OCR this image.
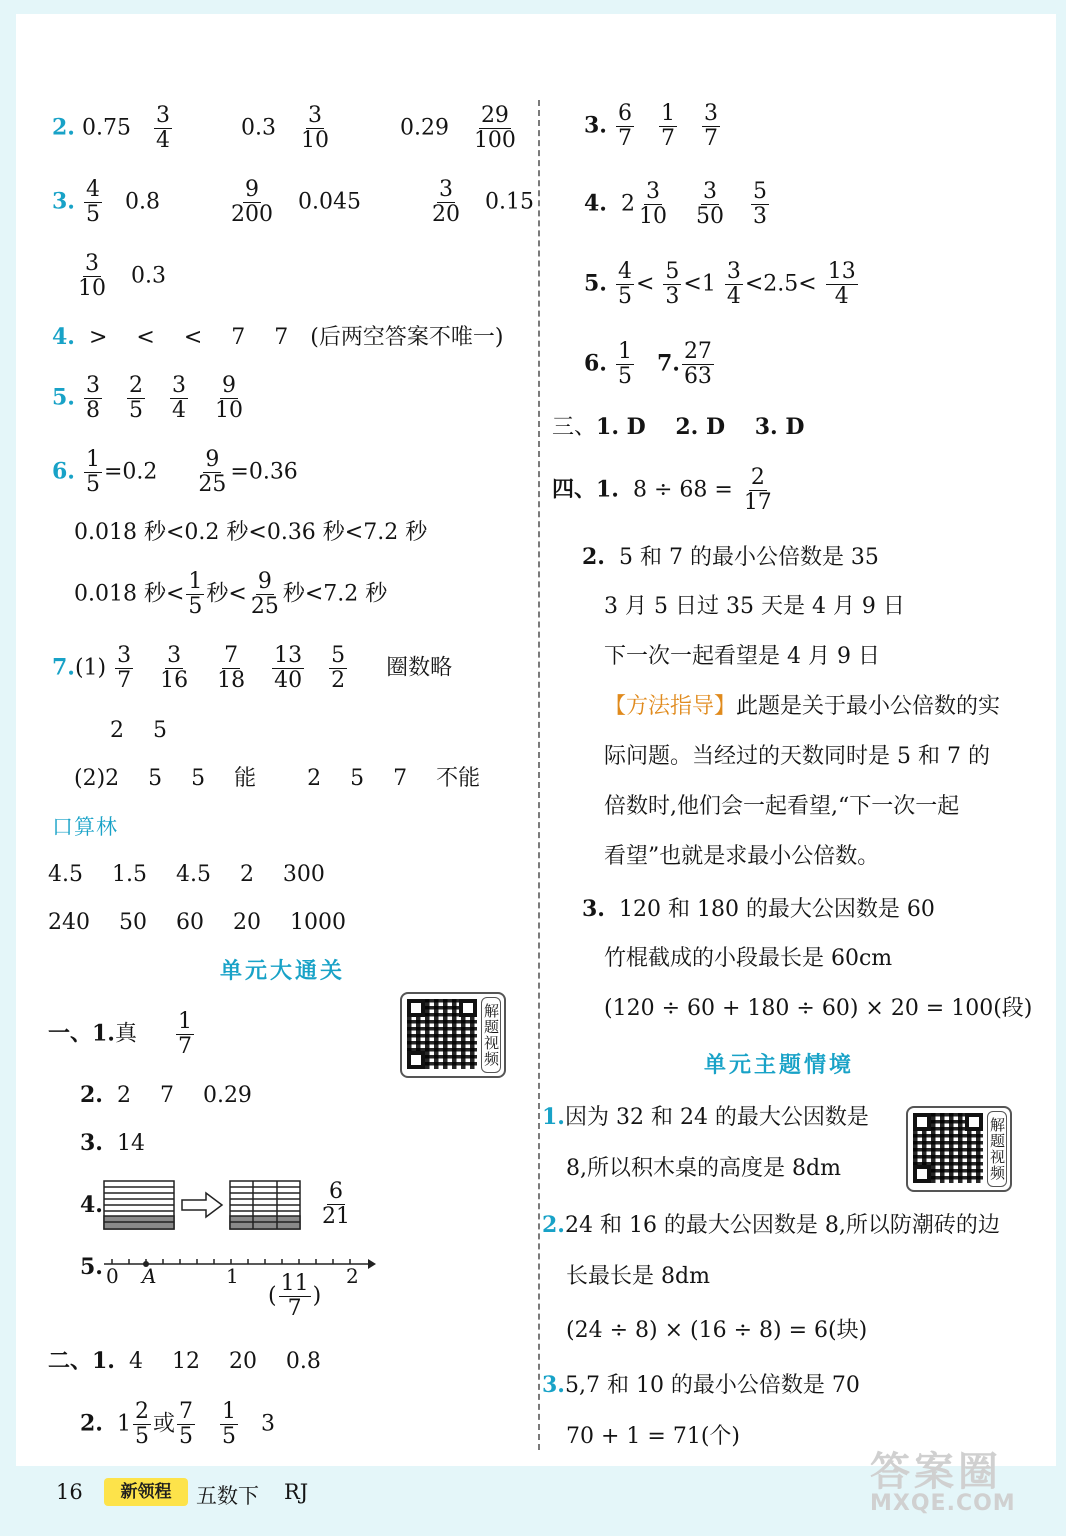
2. $0.75 \frac{3}{4}$	$0.3 \frac{3}{10}$	$0.29 \frac{29}{100}$
3. $\frac{4}{5} 0.8$	$\frac{9}{200} 0.045$	$\frac{3}{20} 0.15$
$\frac{3}{10} 0.3$
4. >  <  <  7  7 (后两空答案不唯一)
5. $\frac{3}{8}$
$\frac{2}{5}$
$\frac{3}{4}$
$\frac{9}{10}$
6. $\frac{1}{5} =0.2 \frac{9}{25} =0.36$
0.018 秒<0.2 秒<0.36 秒<7.2 秒
0.018 秒< $\frac{1}{5}$ 秒< $\frac{9}{25}$ 秒<7.2 秒
$7.(1) \frac{3}{7}$
$\frac{3}{16}$
$\frac{7}{18}$
$\frac{13}{40}$
$\frac{5}{2}$ 圈数略
2  5
(2)2  5  5  能   2  5  7  不能
口算林
4.5  1.5  4.5  2  300
240  50  60  20  1000
单元大通关
解题视频
一、1.真 $\frac{1}{7}$
2. 2  7  0.29
3. 14
4.	$\frac{6}{21}$
5. 0 A	1	2
( $\frac{11}{7}$ )
二、1. 4  12  20  0.8
2. $1 \frac{2}{5}$ 或 $\frac{7}{5}$
$\frac{1}{5} 3$
3. $\frac{6}{7}$
$\frac{1}{7}$
$\frac{3}{7}$
4. $2 \frac{3}{10}$
$\frac{3}{50}$
$\frac{5}{3}$
5. $\frac{4}{5} < \frac{5}{3} <1 \frac{3}{4} <2.5< \frac{13}{4}$
6. $\frac{1}{5} 7$. $\frac{27}{63}$
三、1. D  2. D  3. D
四、1. $8 \div 68 = \frac{2}{17}$
2. 5 和 7 的最小公倍数是 35
3 月 5 日过 35 天是 4 月 9 日
下一次一起看望是 4 月 9 日
【方法指导】此题是关于最小公倍数的实
际问题。当经过的天数同时是 5 和 7 的
倍数时,他们会一起看望,“下一次一起
看望”也就是求最小公倍数。
3. 120 和 180 的最大公因数是 60
竹棍截成的小段最长是 60cm
(120 ÷ 60 + 180 ÷ 60) × 20 = 100(段)
单元主题情境
解题视频
1.因为 32 和 24 的最大公因数是
8,所以积木桌的高度是 8dm
2.24 和 16 的最大公因数是 8,所以防潮砖的边
长最长是 8dm
(24 ÷ 8) × (16 ÷ 8) = 6(块)
3.5,7 和 10 的最小公倍数是 70
70 + 1 = 71(个)
16	新领程	五数下 RJ	答案圈
MXQE.COM
